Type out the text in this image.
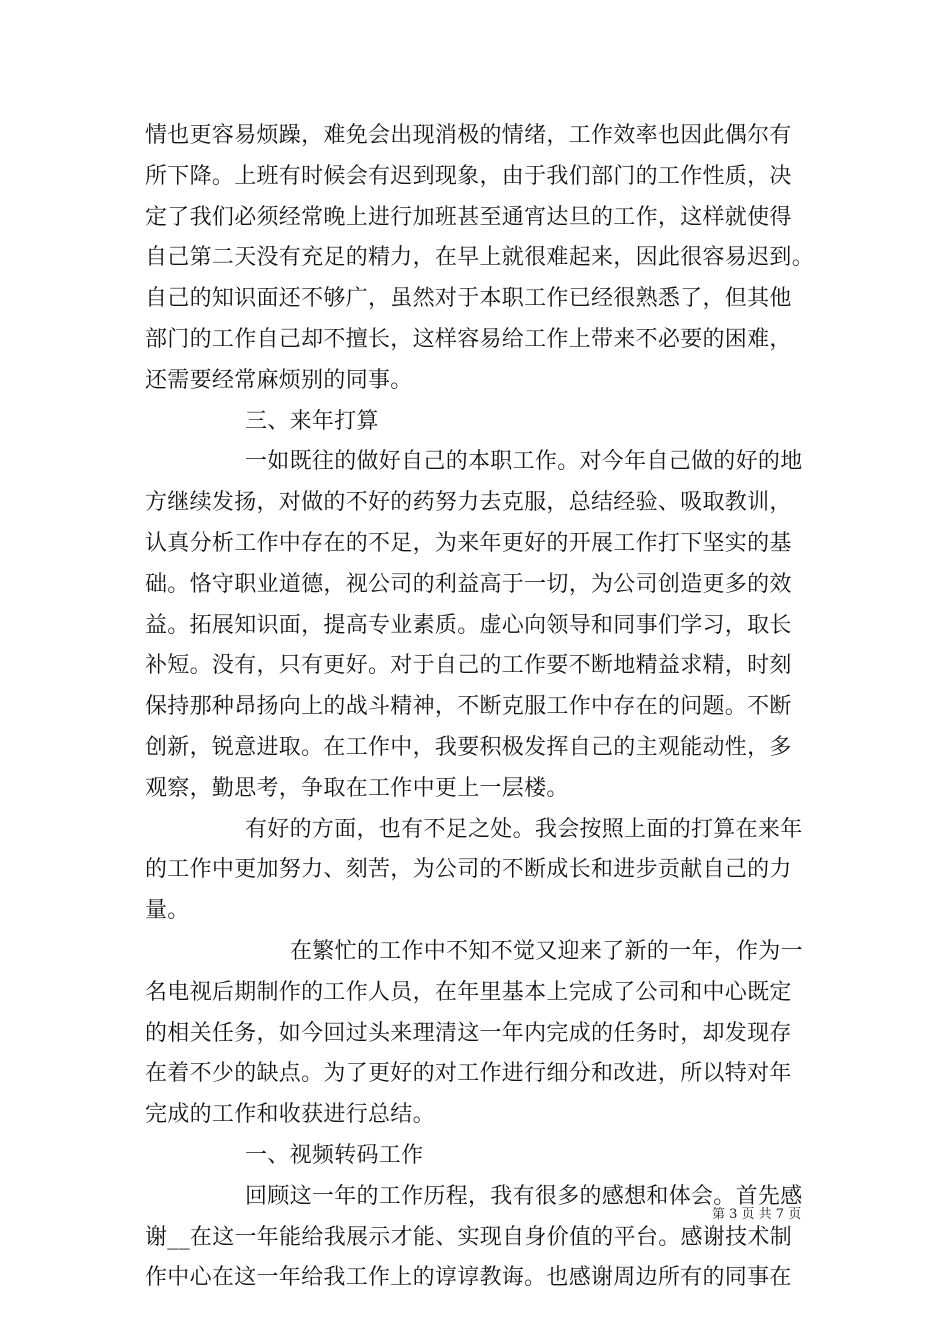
情也更容易烦躁，难免会出现消极的情绪，工作效率也因此偶尔有
所下降。上班有时候会有迟到现象，由于我们部门的工作性质，决
定了我们必须经常晚上进行加班甚至通宵达旦的工作，这样就使得
自己第二天没有充足的精力，在早上就很难起来，因此很容易迟到。
自己的知识面还不够广，虽然对于本职工作已经很熟悉了，但其他
部门的工作自己却不擅长，这样容易给工作上带来不必要的困难，
还需要经常麻烦别的同事。
三、来年打算
一如既往的做好自己的本职工作。对今年自己做的好的地
方继续发扬，对做的不好的药努力去克服，总结经验、吸取教训，
认真分析工作中存在的不足，为来年更好的开展工作打下坚实的基
础。恪守职业道德，视公司的利益高于一切，为公司创造更多的效
益。拓展知识面，提高专业素质。虚心向领导和同事们学习，取长
补短。没有，只有更好。对于自己的工作要不断地精益求精，时刻
保持那种昂扬向上的战斗精神，不断克服工作中存在的问题。不断
创新，锐意进取。在工作中，我要积极发挥自己的主观能动性，多
观察，勤思考，争取在工作中更上一层楼。
有好的方面，也有不足之处。我会按照上面的打算在来年
的工作中更加努力、刻苦，为公司的不断成长和进步贡献自己的力
量。
在繁忙的工作中不知不觉又迎来了新的一年，作为一
名电视后期制作的工作人员，在年里基本上完成了公司和中心既定
的相关任务，如今回过头来理清这一年内完成的任务时，却发现存
在着不少的缺点。为了更好的对工作进行细分和改进，所以特对年
完成的工作和收获进行总结。
一、视频转码工作
回顾这一年的工作历程，我有很多的感想和体会。首先感
谢__在这一年能给我展示才能、实现自身价值的平台。感谢技术制
作中心在这一年给我工作上的谆谆教诲。也感谢周边所有的同事在
第 3 页 共 7 页
